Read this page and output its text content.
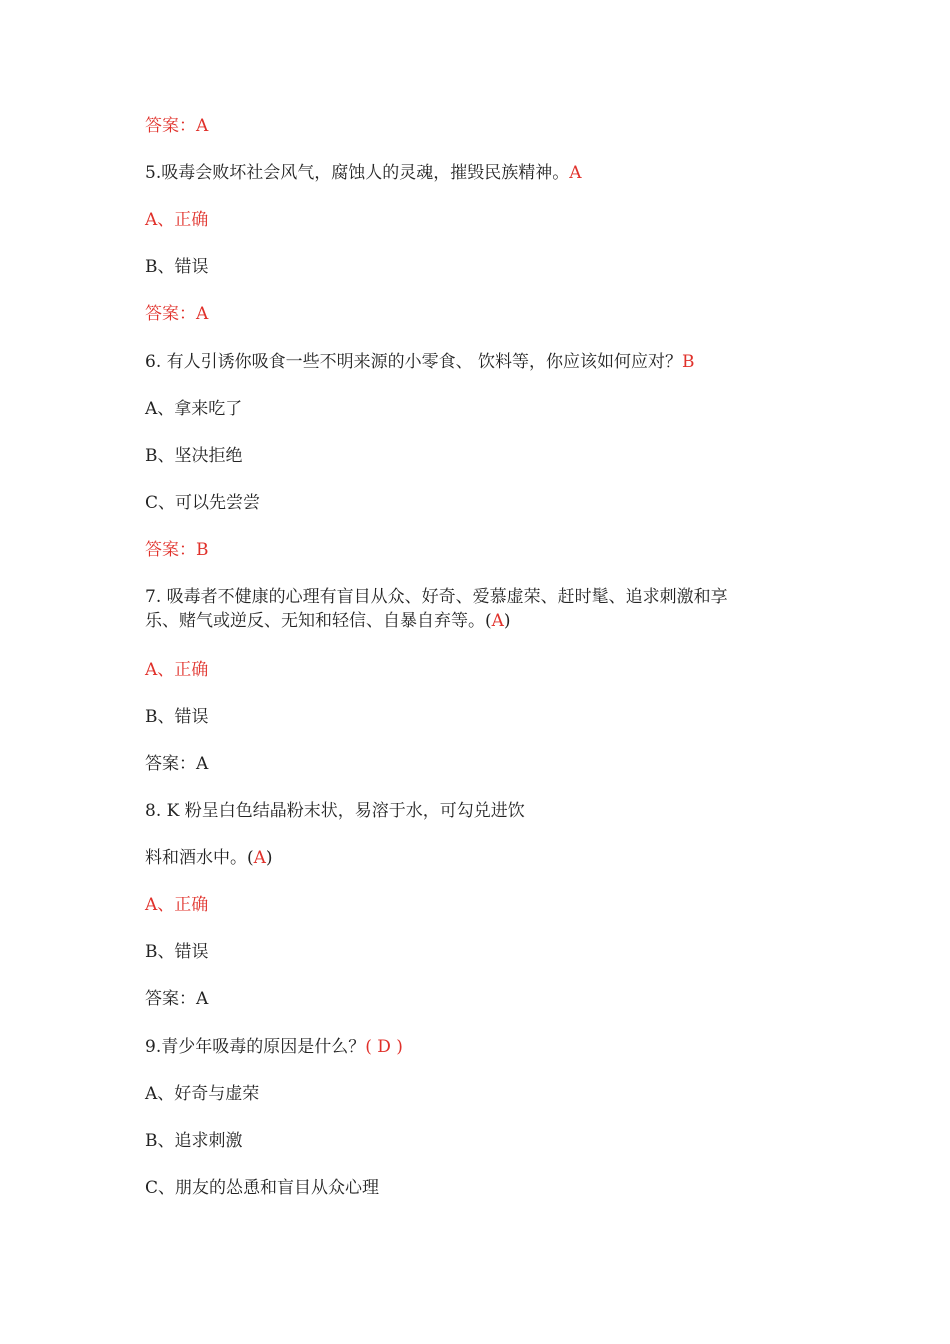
答案：A
5.吸毒会败坏社会风气，腐蚀人的灵魂，摧毁民族精神。A
A、正确
B、错误
答案：A
6. 有人引诱你吸食一些不明来源的小零食、 饮料等，你应该如何应对？B
A、拿来吃了
B、坚决拒绝
C、可以先尝尝
答案：B
7. 吸毒者不健康的心理有盲目从众、好奇、爱慕虚荣、赶时髦、追求刺激和享
乐、赌气或逆反、无知和轻信、自暴自弃等。(A)
A、正确
B、错误
答案：A
8. K 粉呈白色结晶粉末状，易溶于水，可勾兑进饮
料和酒水中。(A)
A、正确
B、错误
答案：A
9.青少年吸毒的原因是什么？( D )
A、好奇与虚荣
B、追求刺激
C、朋友的怂恿和盲目从众心理
